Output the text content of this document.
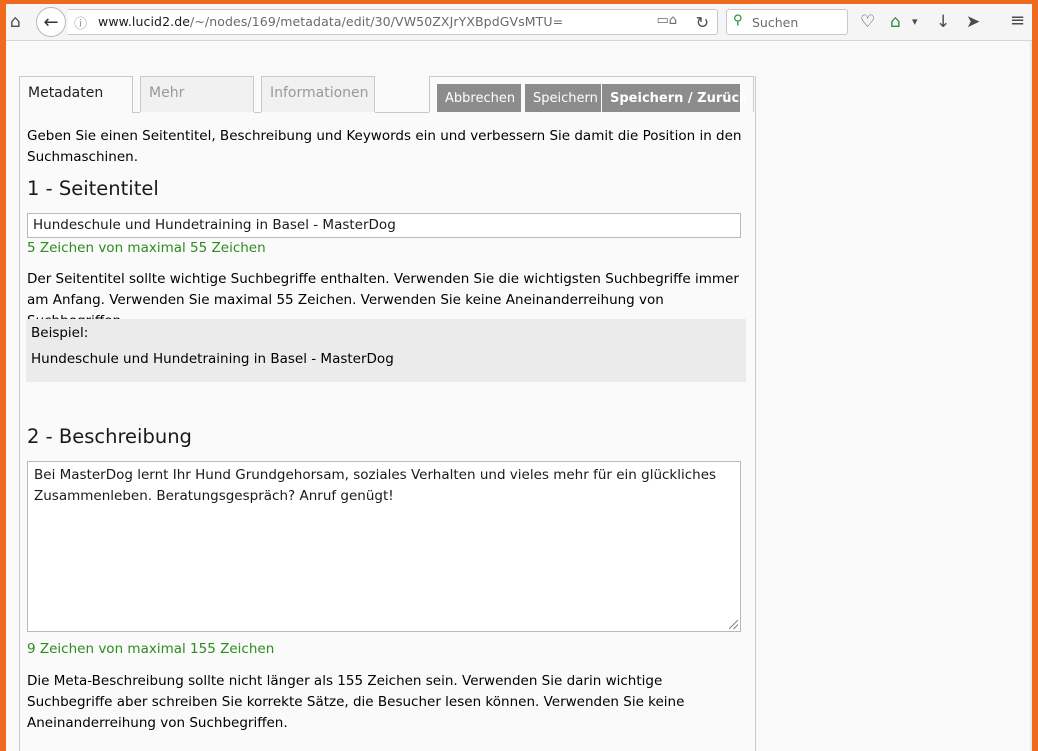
⌂ ← ⓘ www.lucid2.de/~/nodes/169/metadata/edit/30/VW50ZXJrYXBpdGVsMTU=	▭⌂ ↻ ⚲ Suchen	♡ ⌂ ▾ ↓ ➤ ≡
Metadaten	Mehr	Informationen	Abbrechen	Speichern Speichern / Zurück

Geben Sie einen Seitentitel, Beschreibung und Keywords ein und verbessern Sie damit die Position in den Suchmaschinen.

1 - Seitentitel
Hundeschule und Hundetraining in Basel - MasterDog
5 Zeichen von maximal 55 Zeichen

Der Seitentitel sollte wichtige Suchbegriffe enthalten. Verwenden Sie die wichtigsten Suchbegriffe immer am Anfang. Verwenden Sie maximal 55 Zeichen. Verwenden Sie keine Aneinanderreihung von

Beispiel:
Hundeschule und Hundetraining in Basel - MasterDog
2 - Beschreibung
Bei MasterDog lernt Ihr Hund Grundgehorsam, soziales Verhalten und vieles mehr für ein glückliches Zusammenleben. Beratungsgespräch? Anruf genügt!
9 Zeichen von maximal 155 Zeichen

Die Meta-Beschreibung sollte nicht länger als 155 Zeichen sein. Verwenden Sie darin wichtige Suchbegriffe aber schreiben Sie korrekte Sätze, die Besucher lesen können. Verwenden Sie keine Aneinanderreihung von Suchbegriffen.
